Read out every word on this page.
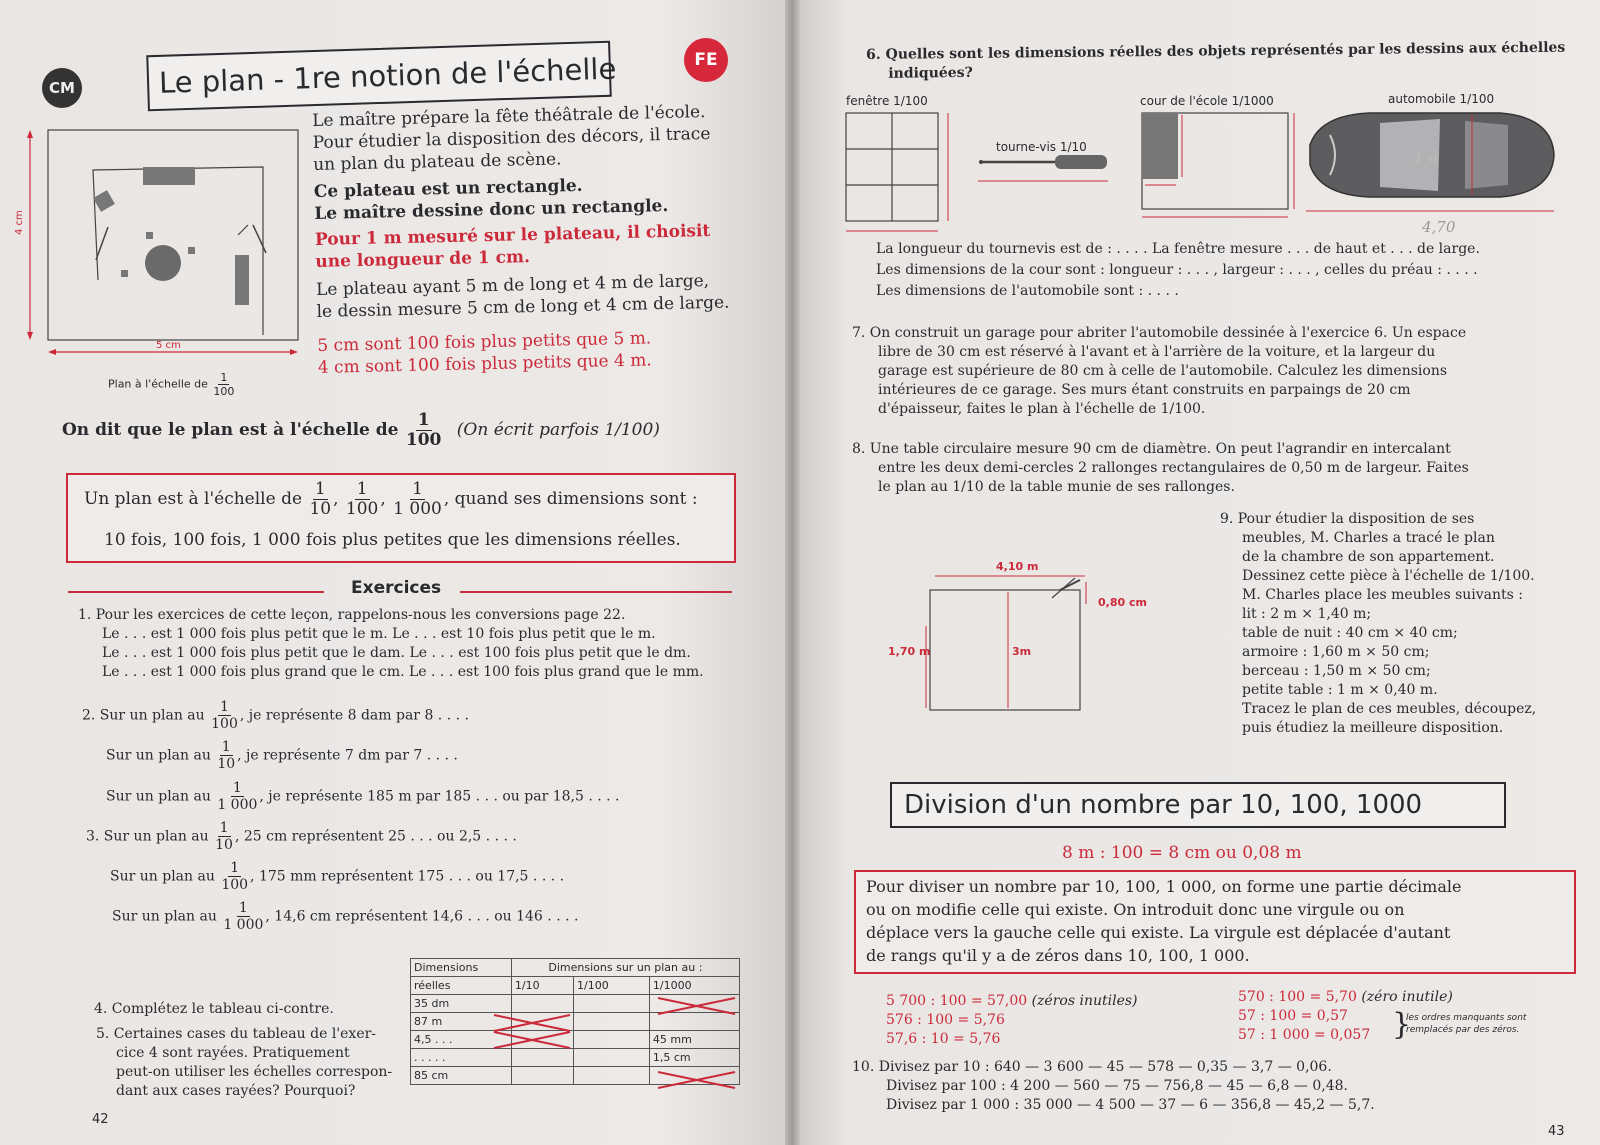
CM	Le plan - 1re notion de l'échelle	FE
4 cm
5 cm
Plan à l'échelle de $\frac{1}{100}$
Le maître prépare la fête théâtrale de l'école.
Pour étudier la disposition des décors, il trace
un plan du plateau de scène.
Ce plateau est un rectangle.
Le maître dessine donc un rectangle.
Pour 1 m mesuré sur le plateau, il choisit
une longueur de 1 cm.
Le plateau ayant 5 m de long et 4 m de large,
le dessin mesure 5 cm de long et 4 cm de large.
5 cm sont 100 fois plus petits que 5 m.
4 cm sont 100 fois plus petits que 4 m.
On dit que le plan est à l'échelle de $\frac{1}{100} (On$ écrit parfois 1/100)
Un plan est à l'échelle de $\frac{1}{10}$ , $\frac{1}{100}$ , $\frac{1}{1 000}$ , quand ses dimensions sont :
10 fois, 100 fois, 1 000 fois plus petites que les dimensions réelles.
Exercices
1. Pour les exercices de cette leçon, rappelons-nous les conversions page 22.
Le . . . est 1 000 fois plus petit que le m. Le . . . est 10 fois plus petit que le m.
Le . . . est 1 000 fois plus petit que le dam. Le . . . est 100 fois plus petit que le dm.
Le . . . est 1 000 fois plus grand que le cm. Le . . . est 100 fois plus grand que le mm.
2. Sur un plan au $\frac{1}{100}$ , je représente 8 dam par 8 . . . .
Sur un plan au $\frac{1}{10}$ , je représente 7 dm par 7 . . . .
Sur un plan au $\frac{1}{1 000}$ , je représente 185 m par 185 . . . ou par 18,5 . . . .
3. Sur un plan au $\frac{1}{10}$ , 25 cm représentent 25 . . . ou 2,5 . . . .
Sur un plan au $\frac{1}{100}$ , 175 mm représentent 175 . . . ou 17,5 . . . .
Sur un plan au $\frac{1}{1 000}$ , 14,6 cm représentent 14,6 . . . ou 146 . . . .
4. Complétez le tableau ci-contre.
5. Certaines cases du tableau de l'exer-
cice 4 sont rayées. Pratiquement
peut-on utiliser les échelles correspon-
dant aux cases rayées? Pourquoi?
Dimensions	Dimensions sur un plan au :		
réelles	1/10	1/100	1/1000
35 dm			
87 m			
4,5 . . .			45 mm
. . . . .			1,5 cm
85 cm			
42
6. Quelles sont les dimensions réelles des objets représentés par les dessins aux échelles
indiquées?
fenêtre 1/100
tourne-vis 1/10
cour de l'école 1/1000	automobile 1/100
1,6
4,70
La longueur du tournevis est de : . . . . La fenêtre mesure . . . de haut et . . . de large.
Les dimensions de la cour sont : longueur : . . . , largeur : . . . , celles du préau : . . . .
Les dimensions de l'automobile sont : . . . .
7. On construit un garage pour abriter l'automobile dessinée à l'exercice 6. Un espace
libre de 30 cm est réservé à l'avant et à l'arrière de la voiture, et la largeur du
garage est supérieure de 80 cm à celle de l'automobile. Calculez les dimensions
intérieures de ce garage. Ses murs étant construits en parpaings de 20 cm
d'épaisseur, faites le plan à l'échelle de 1/100.
8. Une table circulaire mesure 90 cm de diamètre. On peut l'agrandir en intercalant
entre les deux demi-cercles 2 rallonges rectangulaires de 0,50 m de largeur. Faites
le plan au 1/10 de la table munie de ses rallonges.
4,10 m
0,80 cm
1,70 m	3m
9. Pour étudier la disposition de ses
meubles, M. Charles a tracé le plan
de la chambre de son appartement.
Dessinez cette pièce à l'échelle de 1/100.
M. Charles place les meubles suivants :
lit : 2 m × 1,40 m;
table de nuit : 40 cm × 40 cm;
armoire : 1,60 m × 50 cm;
berceau : 1,50 m × 50 cm;
petite table : 1 m × 0,40 m.
Tracez le plan de ces meubles, découpez,
puis étudiez la meilleure disposition.
Division d'un nombre par 10, 100, 1000
8 m : 100 = 8 cm ou 0,08 m
Pour diviser un nombre par 10, 100, 1 000, on forme une partie décimale
ou on modifie celle qui existe. On introduit donc une virgule ou on
déplace vers la gauche celle qui existe. La virgule est déplacée d'autant
de rangs qu'il y a de zéros dans 10, 100, 1 000.
5 700 : 100 = 57,00 (zéros inutiles)
576 : 100 = 5,76
57,6 : 10 = 5,76
570 : 100 = 5,70 (zéro inutile)
57 : 100 = 0,57
57 : 1 000 = 0,057 }
les ordres manquants sont
remplacés par des zéros.
10. Divisez par 10 : 640 — 3 600 — 45 — 578 — 0,35 — 3,7 — 0,06.
Divisez par 100 : 4 200 — 560 — 75 — 756,8 — 45 — 6,8 — 0,48.
Divisez par 1 000 : 35 000 — 4 500 — 37 — 6 — 356,8 — 45,2 — 5,7.
43
